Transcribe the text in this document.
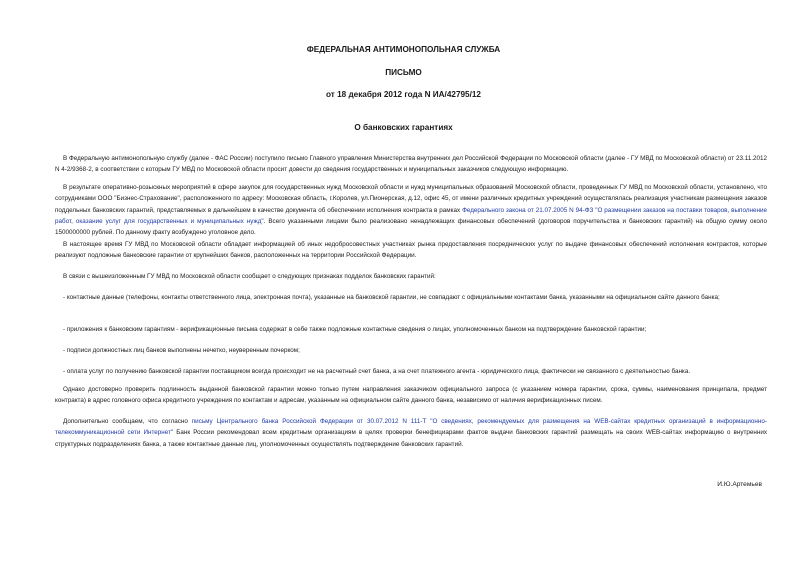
ФЕДЕРАЛЬНАЯ АНТИМОНОПОЛЬНАЯ СЛУЖБА
ПИСЬМО
от 18 декабря 2012 года N ИА/42795/12
О банковских гарантиях
В Федеральную антимонопольную службу (далее - ФАС России) поступило письмо Главного управления Министерства внутренних дел Российской Федерации по Московской области (далее - ГУ МВД по Московской области) от 23.11.2012 N 4-2/9368-2, в соответствии с которым ГУ МВД по Московской области просит довести до сведения государственных и муниципальных заказчиков следующую информацию.
В результате оперативно-розыскных мероприятий в сфере закупок для государственных нужд Московской области и нужд муниципальных образований Московской области, проведенных ГУ МВД по Московской области, установлено, что сотрудниками ООО "Бизнес-Страхование", расположенного по адресу: Московская область, г.Королев, ул.Пионерская, д.12, офис 45, от имени различных кредитных учреждений осуществлялась реализация участникам размещения заказов поддельных банковских гарантий, представляемых в дальнейшем в качестве документа об обеспечении исполнения контракта в рамках Федерального закона от 21.07.2005 N 94-ФЗ "О размещении заказов на поставки товаров, выполнение работ, оказание услуг для государственных и муниципальных нужд". Всего указанными лицами было реализовано ненадлежащих финансовых обеспечений (договоров поручительства и банковских гарантий) на общую сумму около 1500000000 рублей. По данному факту возбуждено уголовное дело.
В настоящее время ГУ МВД по Московской области обладает информацией об иных недобросовестных участниках рынка предоставления посреднических услуг по выдаче финансовых обеспечений исполнения контрактов, которые реализуют подложные банковские гарантии от крупнейших банков, расположенных на территории Российской Федерации.
В связи с вышеизложенным ГУ МВД по Московской области сообщает о следующих признаках подделок банковских гарантий:
- контактные данные (телефоны, контакты ответственного лица, электронная почта), указанные на банковской гарантии, не совпадают с официальными контактами банка, указанными на официальном сайте данного банка;
- приложения к банковским гарантиям - верификационные письма содержат в себе также подложные контактные сведения о лицах, уполномоченных банком на подтверждение банковской гарантии;
- подписи должностных лиц банков выполнены нечетко, неуверенным почерком;
- оплата услуг по получению банковской гарантии поставщиком всегда происходит не на расчетный счет банка, а на счет платежного агента - юридического лица, фактически не связанного с деятельностью банка.
Однако достоверно проверить подлинность выданной банковской гарантии можно только путем направления заказчиком официального запроса (с указанием номера гарантии, срока, суммы, наименования принципала, предмет контракта) в адрес головного офиса кредитного учреждения по контактам и адресам, указанным на официальном сайте данного банка, независимо от наличия верификационных писем.
Дополнительно сообщаем, что согласно письму Центрального банка Российской Федерации от 30.07.2012 N 111-Т "О сведениях, рекомендуемых для размещения на WEB-сайтах кредитных организаций в информационно-телекоммуникационной сети Интернет" Банк России рекомендовал всем кредитным организациям в целях проверки бенефициарами фактов выдачи банковских гарантий размещать на своих WEB-сайтах информацию о внутренних структурных подразделениях банка, а также контактные данные лиц, уполномоченных осуществлять подтверждение банковских гарантий.
И.Ю.Артемьев
